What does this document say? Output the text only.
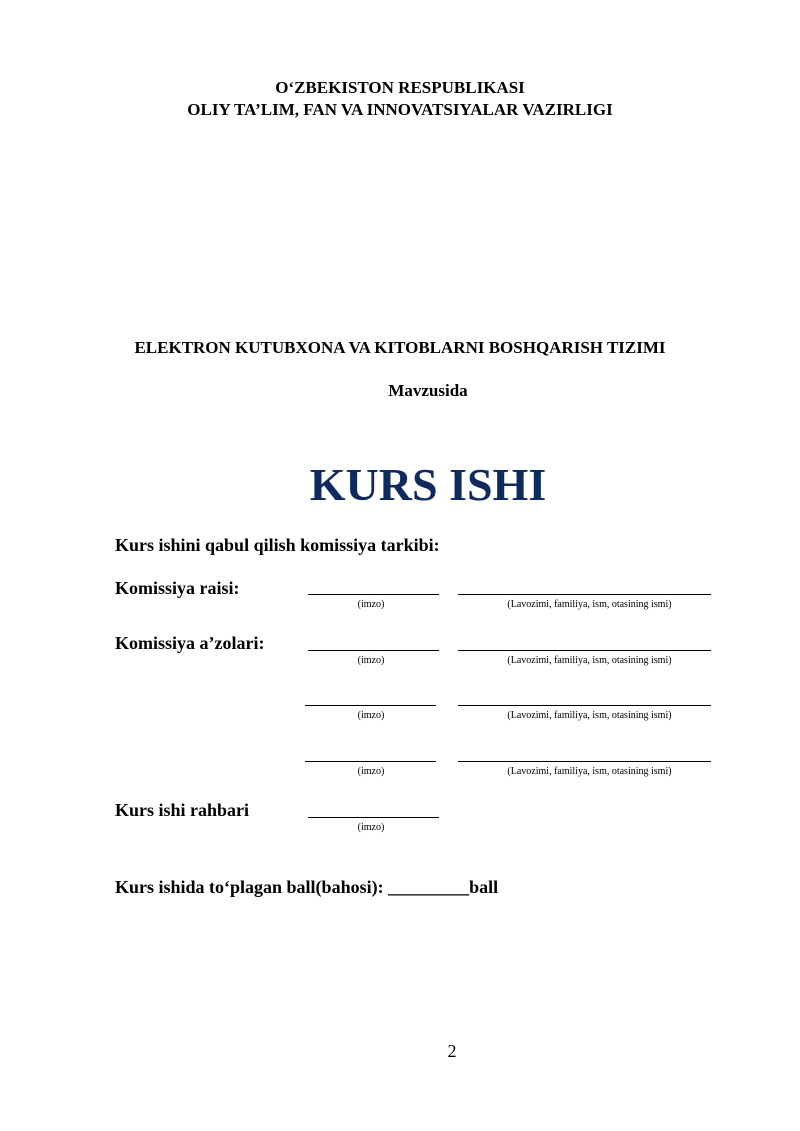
O‘ZBEKISTON RESPUBLIKASI
OLIY TA’LIM, FAN VA INNOVATSIYALAR VAZIRLIGI
ELEKTRON KUTUBXONA VA KITOBLARNI BOSHQARISH TIZIMI
Mavzusida
KURS ISHI
Kurs ishini qabul qilish komissiya tarkibi:
Komissiya raisi:
(imzo)	(Lavozimi, familiya, ism, otasining ismi)
Komissiya a’zolari:
(imzo)	(Lavozimi, familiya, ism, otasining ismi)
(imzo)	(Lavozimi, familiya, ism, otasining ismi)
(imzo)	(Lavozimi, familiya, ism, otasining ismi)
Kurs ishi rahbari
(imzo)
Kurs ishida to‘plagan ball(bahosi): _________ball
2
